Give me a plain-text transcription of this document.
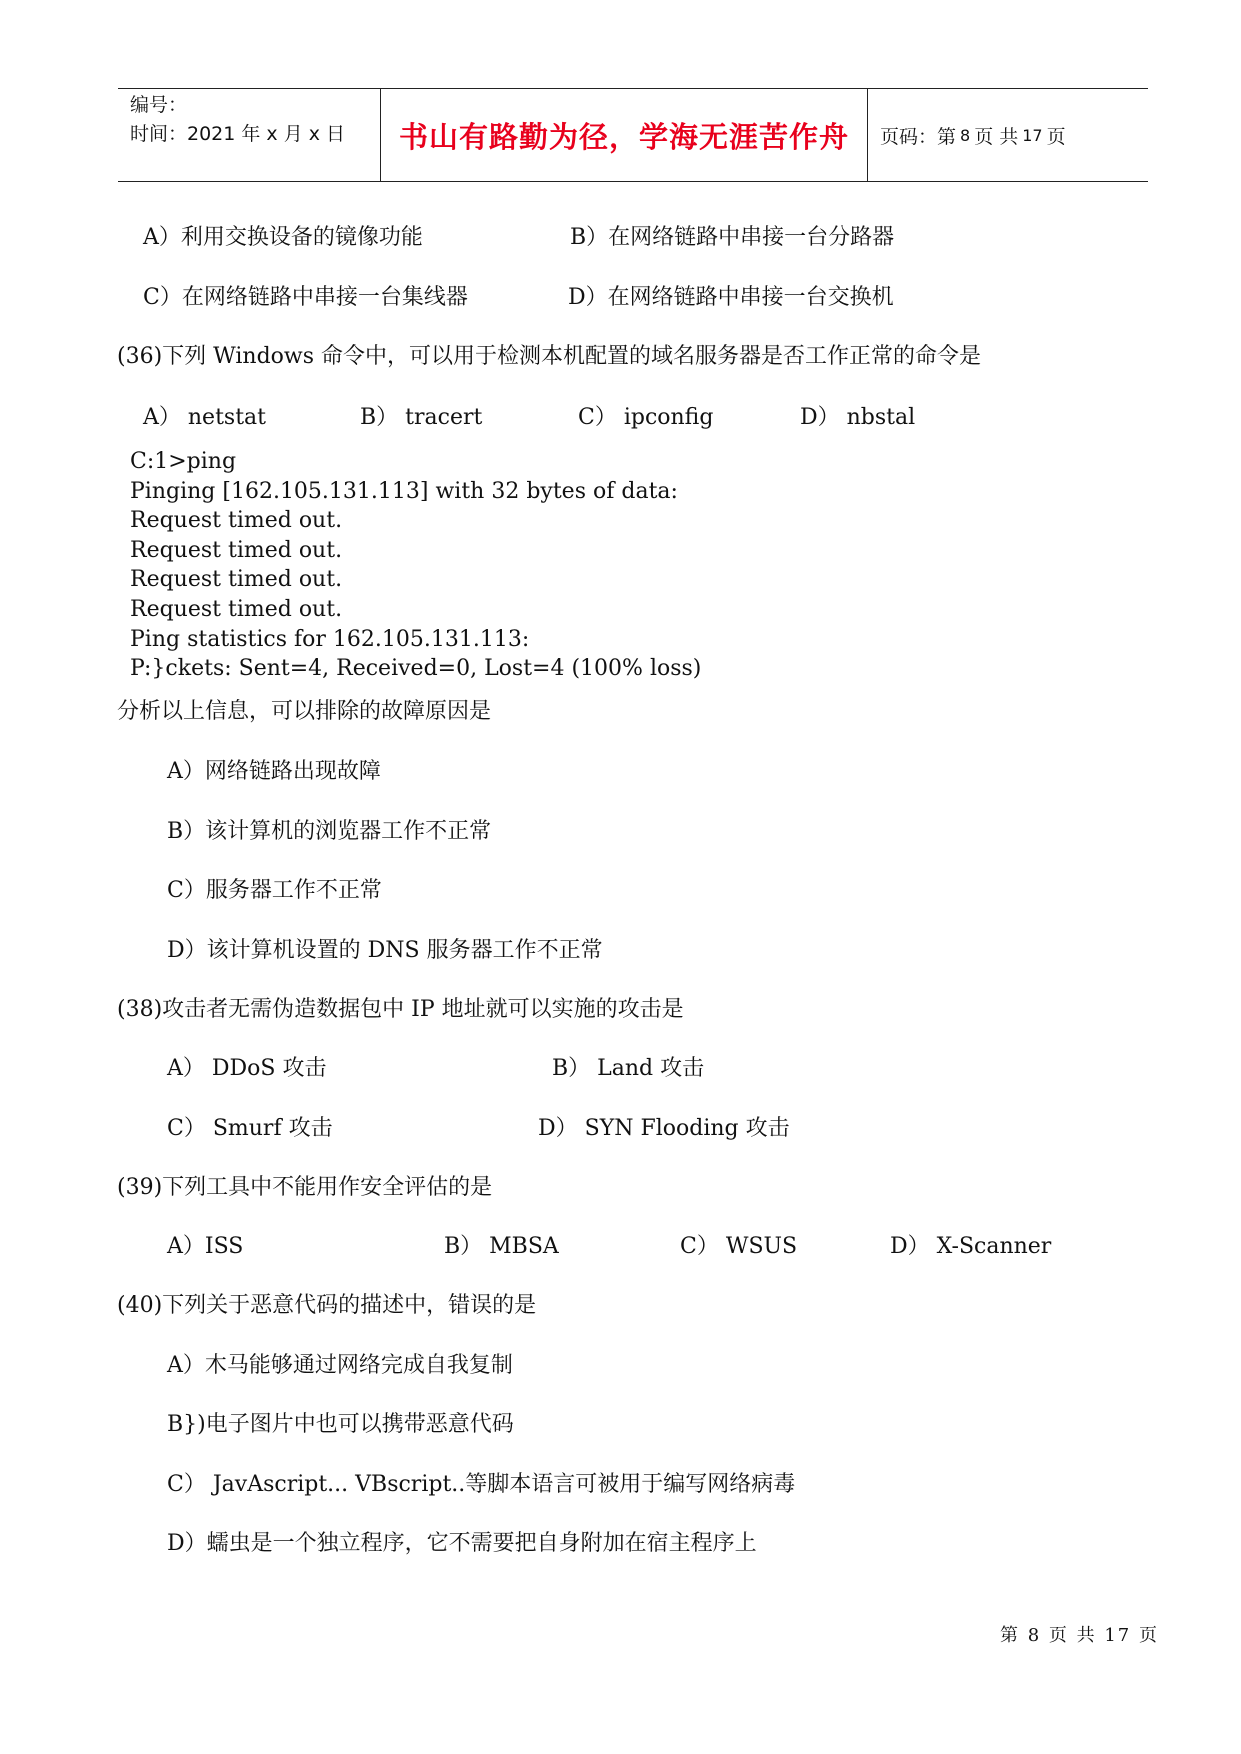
编号：
时间：2021 年 x 月 x 日	书山有路勤为径，学海无涯苦作舟 页码：第 8 页 共 17 页
A）利用交换设备的镜像功能	B）在网络链路中串接一台分路器
C）在网络链路中串接一台集线器	D）在网络链路中串接一台交换机
(36)下列 Windows 命令中，可以用于检测本机配置的域名服务器是否工作正常的命令是
A） netstat	B） tracert	C） ipconfig	D） nbstal
C:1>ping
Pinging [162.105.131.113] with 32 bytes of data:
Request timed out.
Request timed out.
Request timed out.
Request timed out.
Ping statistics for 162.105.131.113:
P:}ckets: Sent=4, Received=0, Lost=4 (100% loss)
分析以上信息，可以排除的故障原因是
A）网络链路出现故障
B）该计算机的浏览器工作不正常
C）服务器工作不正常
D）该计算机设置的 DNS 服务器工作不正常
(38)攻击者无需伪造数据包中 IP 地址就可以实施的攻击是
A） DDoS 攻击	B） Land 攻击
C） Smurf 攻击	D） SYN Flooding 攻击
(39)下列工具中不能用作安全评估的是
A）ISS	B） MBSA	C） WSUS	D） X-Scanner
(40)下列关于恶意代码的描述中，错误的是
A）木马能够通过网络完成自我复制
B})电子图片中也可以携带恶意代码
C） JavAscript... VBscript..等脚本语言可被用于编写网络病毒
D）蠕虫是一个独立程序，它不需要把自身附加在宿主程序上
第 8 页 共 17 页
